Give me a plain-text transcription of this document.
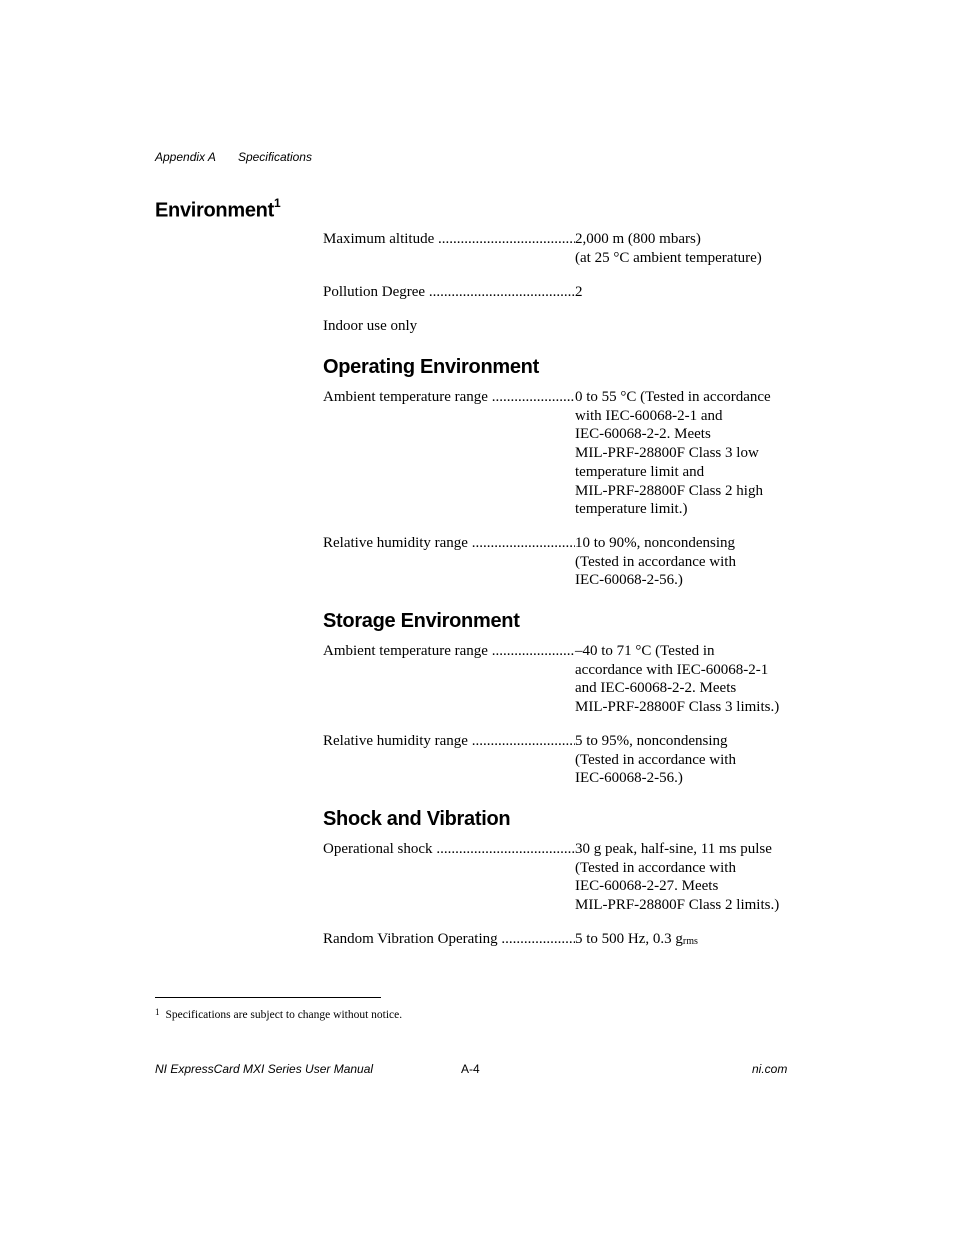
Appendix A Specifications
Environment$^1$
Maximum altitude .....	2,000 m (800 mbars)
(at 25 °C ambient temperature)
Pollution Degree .....	2
Indoor use only
Operating Environment
Ambient temperature range .....	0 to 55 °C (Tested in accordance
with IEC-60068-2-1 and
IEC-60068-2-2. Meets
MIL-PRF-28800F Class 3 low
temperature limit and
MIL-PRF-28800F Class 2 high
temperature limit.)
Relative humidity range .....	10 to 90%, noncondensing
(Tested in accordance with
IEC-60068-2-56.)
Storage Environment
Ambient temperature range .....	–40 to 71 °C (Tested in
accordance with IEC-60068-2-1
and IEC-60068-2-2. Meets
MIL-PRF-28800F Class 3 limits.)
Relative humidity range .....	5 to 95%, noncondensing
(Tested in accordance with
IEC-60068-2-56.)
Shock and Vibration
Operational shock .....	30 g peak, half-sine, 11 ms pulse
(Tested in accordance with
IEC-60068-2-27. Meets
MIL-PRF-28800F Class 2 limits.)
Random Vibration Operating .....	5 to 500 Hz, 0.3 $g_{rms}$
$^1$ Specifications are subject to change without notice.
NI ExpressCard MXI Series User Manual	A-4	ni.com
